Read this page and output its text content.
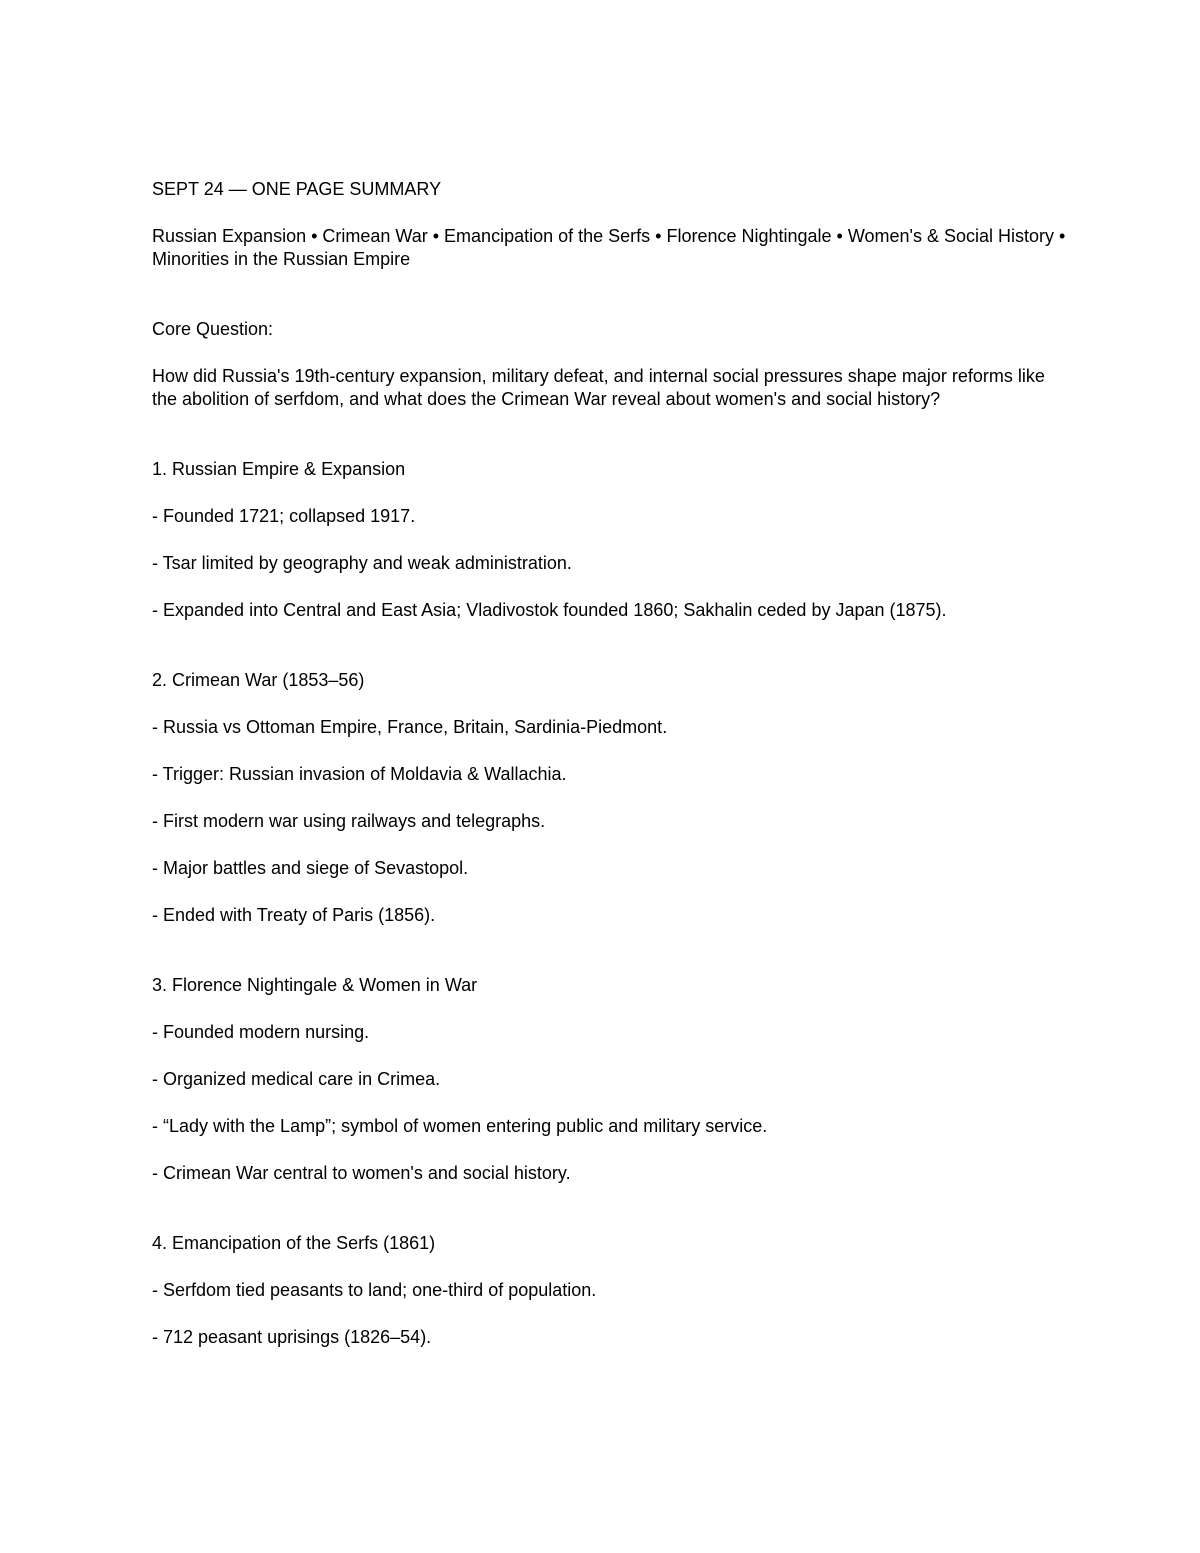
SEPT 24 — ONE PAGE SUMMARY

Russian Expansion • Crimean War • Emancipation of the Serfs • Florence Nightingale • Women's & Social History • Minorities in the Russian Empire

Core Question:

How did Russia's 19th-century expansion, military defeat, and internal social pressures shape major reforms like the abolition of serfdom, and what does the Crimean War reveal about women's and social history?

1. Russian Empire & Expansion

- Founded 1721; collapsed 1917.

- Tsar limited by geography and weak administration.

- Expanded into Central and East Asia; Vladivostok founded 1860; Sakhalin ceded by Japan (1875).

2. Crimean War (1853–56)

- Russia vs Ottoman Empire, France, Britain, Sardinia-Piedmont.

- Trigger: Russian invasion of Moldavia & Wallachia.

- First modern war using railways and telegraphs.

- Major battles and siege of Sevastopol.

- Ended with Treaty of Paris (1856).

3. Florence Nightingale & Women in War

- Founded modern nursing.

- Organized medical care in Crimea.

- “Lady with the Lamp”; symbol of women entering public and military service.

- Crimean War central to women's and social history.

4. Emancipation of the Serfs (1861)

- Serfdom tied peasants to land; one-third of population.

- 712 peasant uprisings (1826–54).
